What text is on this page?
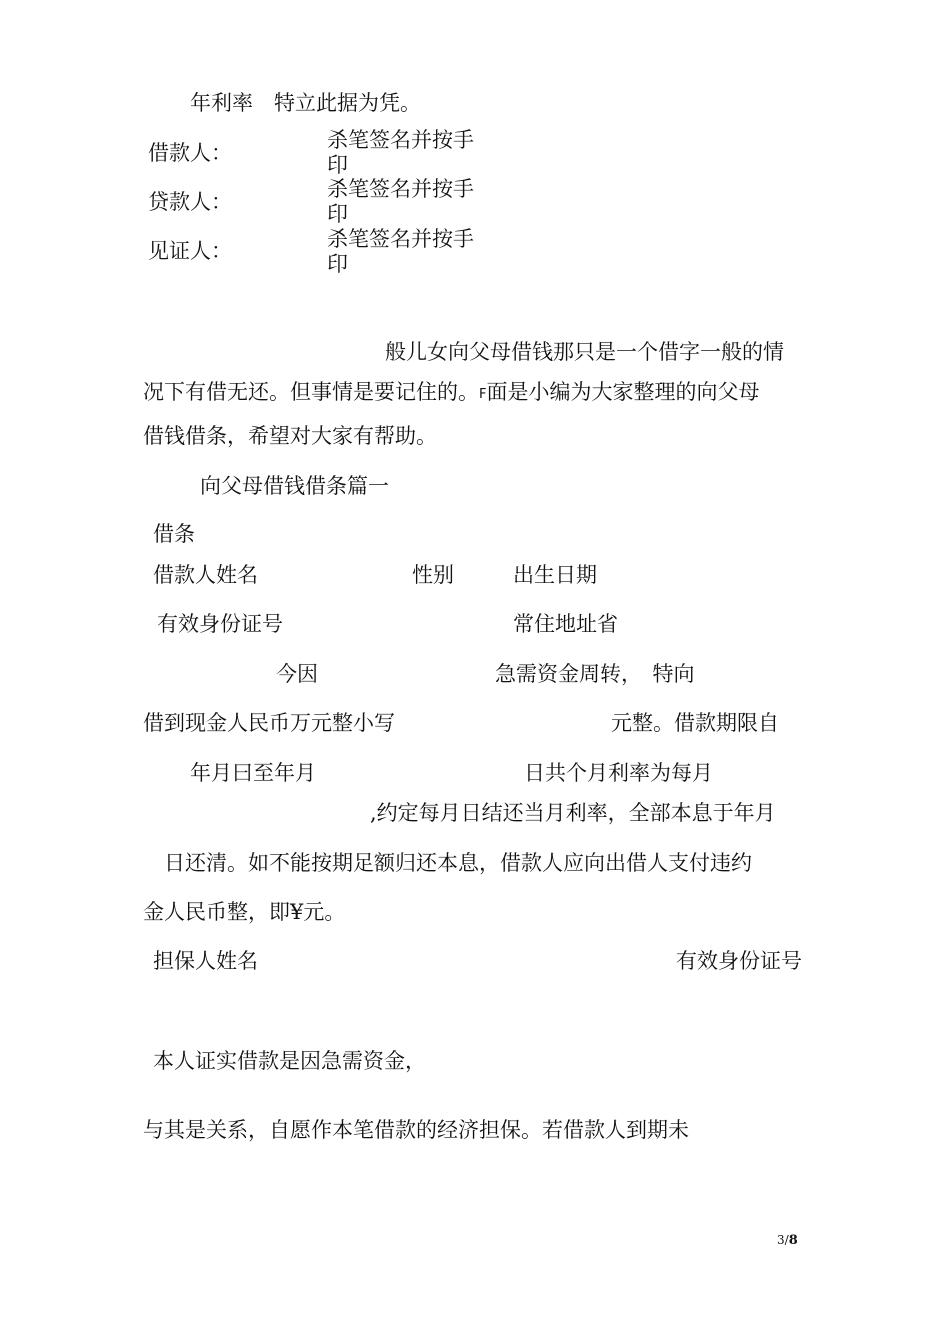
年利率　特立此据为凭。
借款人：
杀笔签名并按手印
贷款人：
杀笔签名并按手印
见证人：	杀笔签名并按手印
般儿女向父母借钱那只是一个借字一般的情
况下有借无还。但事情是要记住的。F面是小编为大家整理的向父母
借钱借条，希望对大家有帮助。
向父母借钱借条篇一
借条
借款人姓名	性别	出生日期
有效身份证号	常住地址省
今因	急需资金周转，　特向
借到现金人民币万元整小写	元整。借款期限自
年月曰至年月	日共个月利率为每月
,约定每月日结还当月利率，全部本息于年月
日还清。如不能按期足额归还本息，借款人应向出借人支付违约
金人民币整，即¥元。
担保人姓名	有效身份证号
本人证实借款是因急需资金，
与其是关系，自愿作本笔借款的经济担保。若借款人到期未
3/8
